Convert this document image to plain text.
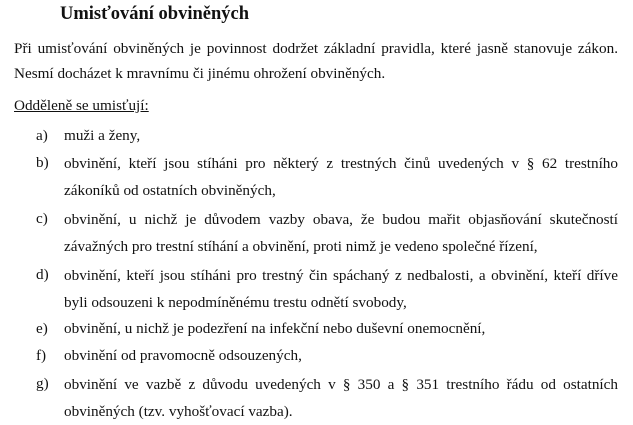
Umisťování obviněných
Při umisťování obviněných je povinnost dodržet základní pravidla, které jasně stanovuje zákon. Nesmí docházet k mravnímu či jinému ohrožení obviněných.
Odděleně se umisťují:
a) muži a ženy,
b) obvinění, kteří jsou stíháni pro některý z trestných činů uvedených v § 62 trestního zákoníků od ostatních obviněných,
c) obvinění, u nichž je důvodem vazby obava, že budou mařit objasňování skutečností závažných pro trestní stíhání a obvinění, proti nimž je vedeno společné řízení,
d) obvinění, kteří jsou stíháni pro trestný čin spáchaný z nedbalosti, a obvinění, kteří dříve byli odsouzeni k nepodmíněnému trestu odnětí svobody,
e) obvinění, u nichž je podezření na infekční nebo duševní onemocnění,
f) obvinění od pravomocně odsouzených,
g) obvinění ve vazbě z důvodu uvedených v § 350 a § 351 trestního řádu od ostatních obviněných (tzv. vyhošťovací vazba).
